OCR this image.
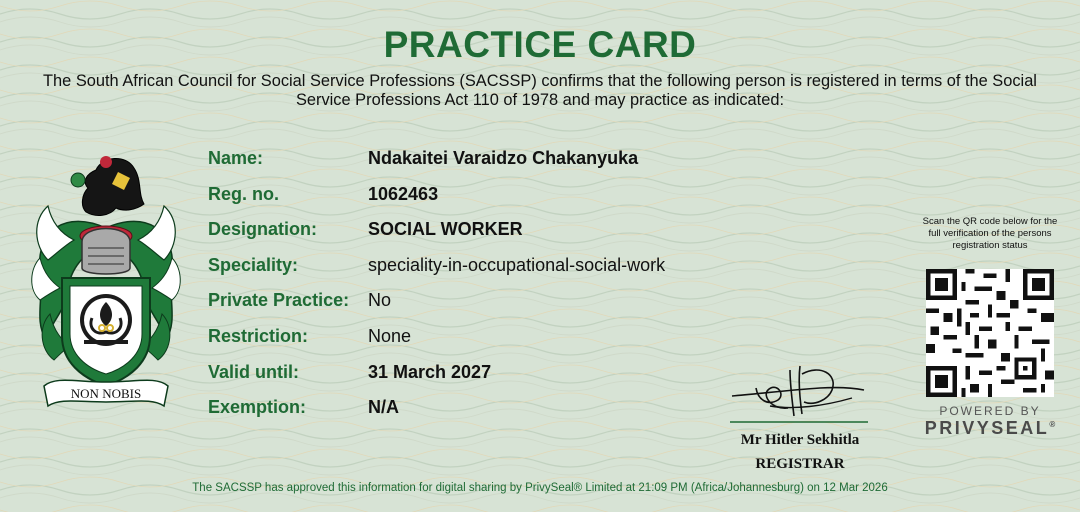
PRACTICE CARD
The South African Council for Social Service Professions (SACSSP) confirms that the following person is registered in terms of the Social Service Professions Act 110 of 1978 and may practice as indicated:
NON NOBIS
Name:	Ndakaitei Varaidzo Chakanyuka
Reg. no.	1062463
Designation:	SOCIAL WORKER
Speciality:	speciality-in-occupational-social-work
Private Practice: No
Restriction:	None
Valid until:	31 March 2027
Exemption:	N/A
Mr Hitler Sekhitla
REGISTRAR
Scan the QR code below for the full verification of the persons registration status
POWERED BY
PRIVYSEAL®
The SACSSP has approved this information for digital sharing by PrivySeal® Limited at 21:09 PM (Africa/Johannesburg) on 12 Mar 2026
